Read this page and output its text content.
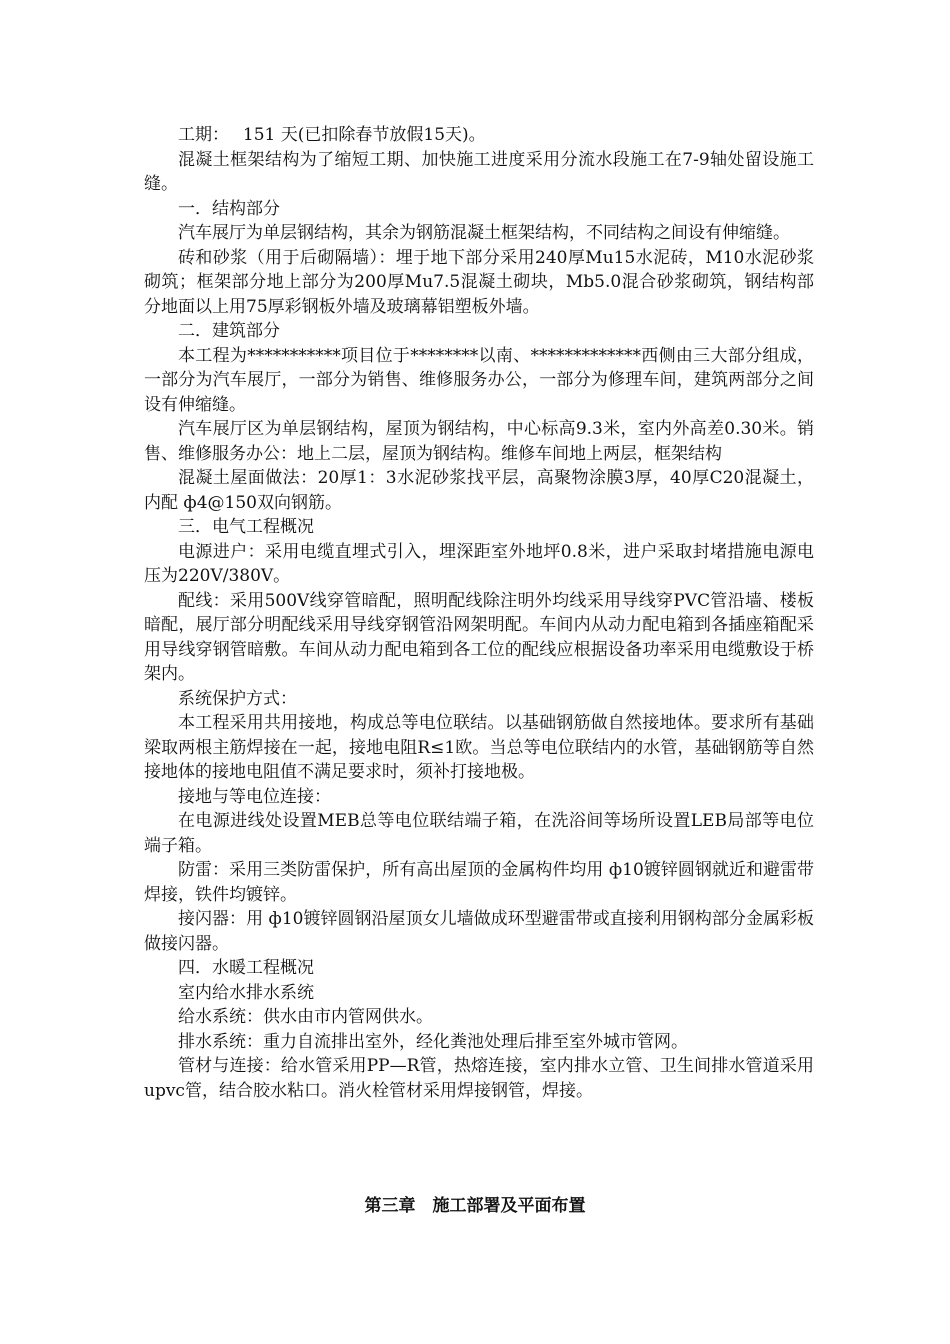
工期：　 151 天(已扣除春节放假15天)。

混凝土框架结构为了缩短工期、加快施工进度采用分流水段施工在7-9轴处留设施工缝。

一．结构部分

汽车展厅为单层钢结构，其余为钢筋混凝土框架结构，不同结构之间设有伸缩缝。

砖和砂浆（用于后砌隔墙）：埋于地下部分采用240厚Mu15水泥砖，M10水泥砂浆砌筑；框架部分地上部分为200厚Mu7.5混凝土砌块，Mb5.0混合砂浆砌筑，钢结构部分地面以上用75厚彩钢板外墙及玻璃幕铝塑板外墙。

二．建筑部分

本工程为***********项目位于********以南、*************西侧由三大部分组成，一部分为汽车展厅，一部分为销售、维修服务办公，一部分为修理车间，建筑两部分之间设有伸缩缝。

汽车展厅区为单层钢结构，屋顶为钢结构，中心标高9.3米，室内外高差0.30米。销售、维修服务办公：地上二层，屋顶为钢结构。维修车间地上两层，框架结构

混凝土屋面做法：20厚1：3水泥砂浆找平层，高聚物涂膜3厚，40厚C20混凝土，内配 ф4@150双向钢筋。

三．电气工程概况

电源进户：采用电缆直埋式引入，埋深距室外地坪0.8米，进户采取封堵措施电源电压为220V/380V。

配线：采用500V线穿管暗配，照明配线除注明外均线采用导线穿PVC管沿墙、楼板暗配，展厅部分明配线采用导线穿钢管沿网架明配。车间内从动力配电箱到各插座箱配采用导线穿钢管暗敷。车间从动力配电箱到各工位的配线应根据设备功率采用电缆敷设于桥架内。

系统保护方式：

本工程采用共用接地，构成总等电位联结。以基础钢筋做自然接地体。要求所有基础梁取两根主筋焊接在一起，接地电阻R≤1欧。当总等电位联结内的水管，基础钢筋等自然接地体的接地电阻值不满足要求时，须补打接地极。

接地与等电位连接：

在电源进线处设置MEB总等电位联结端子箱，在洗浴间等场所设置LEB局部等电位端子箱。

防雷：采用三类防雷保护，所有高出屋顶的金属构件均用 ф10镀锌圆钢就近和避雷带焊接，铁件均镀锌。

接闪器：用 ф10镀锌圆钢沿屋顶女儿墙做成环型避雷带或直接利用钢构部分金属彩板做接闪器。

四．水暖工程概况

室内给水排水系统

给水系统：供水由市内管网供水。

排水系统：重力自流排出室外，经化粪池处理后排至室外城市管网。

管材与连接：给水管采用PP—R管，热熔连接，室内排水立管、卫生间排水管道采用upvc管，结合胶水粘口。消火栓管材采用焊接钢管，焊接。

第三章　施工部署及平面布置
